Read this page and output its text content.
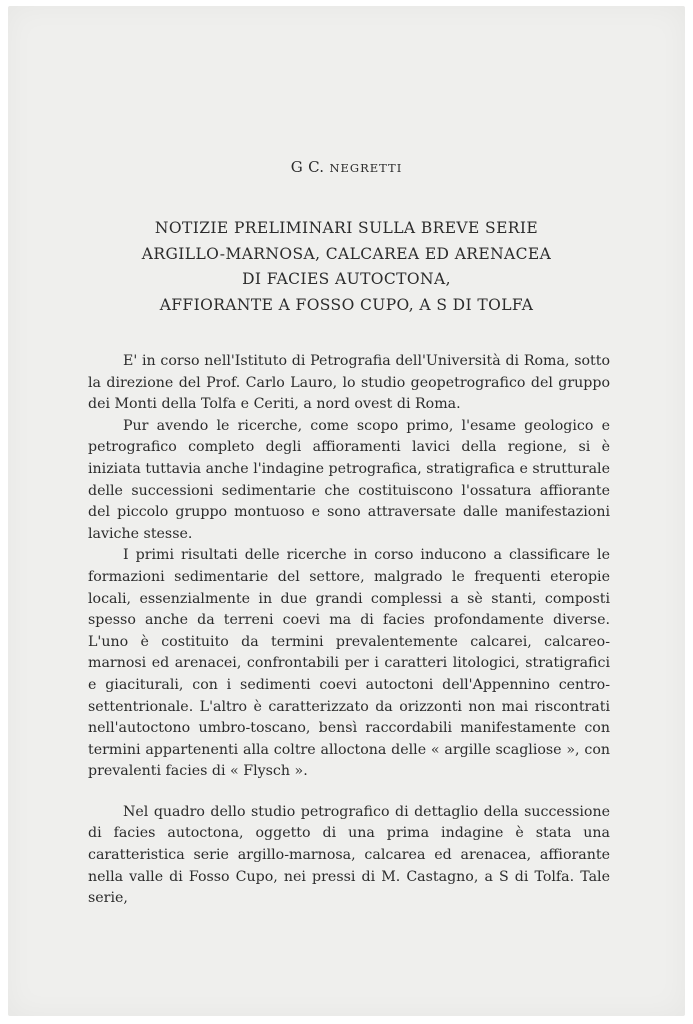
G C. NEGRETTI
NOTIZIE PRELIMINARI SULLA BREVE SERIE
ARGILLO-MARNOSA, CALCAREA ED ARENACEA
DI FACIES AUTOCTONA,
AFFIORANTE A FOSSO CUPO, A S DI TOLFA

E' in corso nell'Istituto di Petrografia dell'Università di Roma, sotto la direzione del Prof. Carlo Lauro, lo studio geopetrografico del gruppo dei Monti della Tolfa e Ceriti, a nord ovest di Roma.

Pur avendo le ricerche, come scopo primo, l'esame geologico e petrografico completo degli affioramenti lavici della regione, si è iniziata tuttavia anche l'indagine petrografica, stratigrafica e strutturale delle successioni sedimentarie che costituiscono l'ossatura affiorante del piccolo gruppo montuoso e sono attraversate dalle manifestazioni laviche stesse.

I primi risultati delle ricerche in corso inducono a classificare le formazioni sedimentarie del settore, malgrado le frequenti eteropie locali, essenzialmente in due grandi complessi a sè stanti, composti spesso anche da terreni coevi ma di facies profondamente diverse. L'uno è costituito da termini prevalentemente calcarei, calcareo-marnosi ed arenacei, confrontabili per i caratteri litologici, stratigrafici e giaciturali, con i sedimenti coevi autoctoni dell'Appennino centro-settentrionale. L'altro è caratterizzato da orizzonti non mai riscontrati nell'autoctono umbro-toscano, bensì raccordabili manifestamente con termini appartenenti alla coltre alloctona delle « argille scagliose », con prevalenti facies di « Flysch ».

Nel quadro dello studio petrografico di dettaglio della successione di facies autoctona, oggetto di una prima indagine è stata una caratteristica serie argillo-marnosa, calcarea ed arenacea, affiorante nella valle di Fosso Cupo, nei pressi di M. Castagno, a S di Tolfa. Tale serie,
